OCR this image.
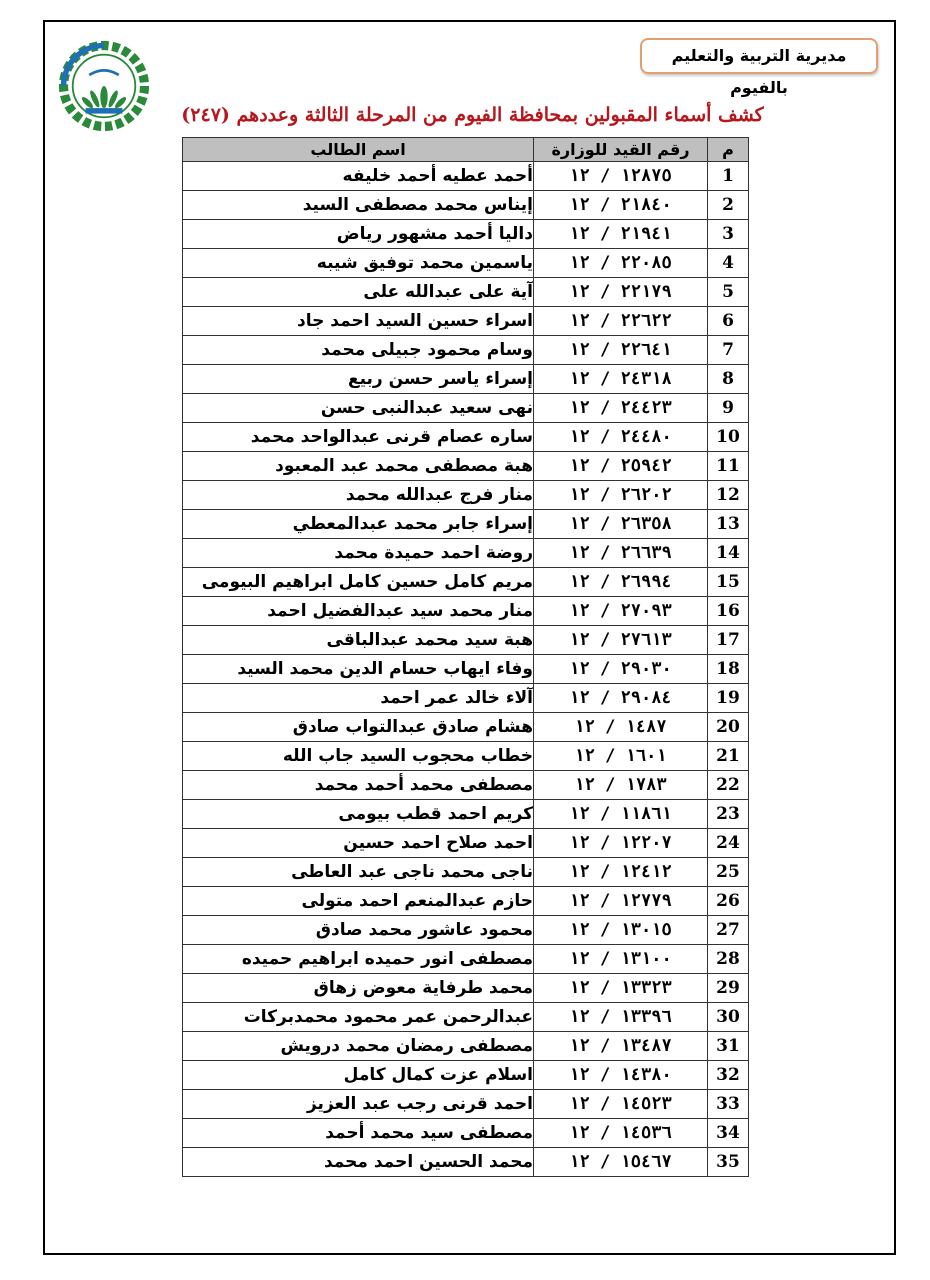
مديرية التربية والتعليم بالفيوم
كشف أسماء المقبولين بمحافظة الفيوم من المرحلة الثالثة وعددهم (٢٤٧)
م	رقم القيد للوزارة	اسم الطالب
1	١٢٨٧٥ / ١٢	أحمد عطيه أحمد خليفه
2	٢١٨٤٠ / ١٢	إيناس محمد مصطفى السيد
3	٢١٩٤١ / ١٢	داليا أحمد مشهور رياض
4	٢٢٠٨٥ / ١٢	ياسمين محمد توفيق شيبه
5	٢٢١٧٩ / ١٢	آية على عبدالله على
6	٢٢٦٢٢ / ١٢	اسراء حسين السيد احمد جاد
7	٢٢٦٤١ / ١٢	وسام محمود جبيلى محمد
8	٢٤٣١٨ / ١٢	إسراء ياسر حسن ربيع
9	٢٤٤٢٣ / ١٢	نهى سعيد عبدالنبى حسن
10	٢٤٤٨٠ / ١٢	ساره عصام قرنى عبدالواحد محمد
11	٢٥٩٤٢ / ١٢	هبة مصطفى محمد عبد المعبود
12	٢٦٢٠٢ / ١٢	منار فرج عبدالله محمد
13	٢٦٣٥٨ / ١٢	إسراء جابر محمد عبدالمعطي
14	٢٦٦٣٩ / ١٢	روضة احمد حميدة محمد
15	٢٦٩٩٤ / ١٢	مريم كامل حسين كامل ابراهيم البيومى
16	٢٧٠٩٣ / ١٢	منار محمد سيد عبدالفضيل احمد
17	٢٧٦١٣ / ١٢	هبة سيد محمد عبدالباقى
18	٢٩٠٣٠ / ١٢	وفاء ايهاب حسام الدين محمد السيد
19	٢٩٠٨٤ / ١٢	آلاء خالد عمر احمد
20	١٤٨٧ / ١٢	هشام صادق عبدالتواب صادق
21	١٦٠١ / ١٢	خطاب محجوب السيد جاب الله
22	١٧٨٣ / ١٢	مصطفى محمد أحمد محمد
23	١١٨٦١ / ١٢	كريم احمد قطب بيومى
24	١٢٢٠٧ / ١٢	احمد صلاح احمد حسين
25	١٢٤١٢ / ١٢	ناجى محمد ناجى عبد العاطى
26	١٢٧٧٩ / ١٢	حازم عبدالمنعم احمد متولى
27	١٣٠١٥ / ١٢	محمود عاشور محمد صادق
28	١٣١٠٠ / ١٢	مصطفى انور حميده ابراهيم حميده
29	١٣٣٢٣ / ١٢	محمد طرفاية معوض زهاق
30	١٣٣٩٦ / ١٢	عبدالرحمن عمر محمود محمدبركات
31	١٣٤٨٧ / ١٢	مصطفى رمضان محمد درويش
32	١٤٣٨٠ / ١٢	اسلام عزت كمال كامل
33	١٤٥٢٣ / ١٢	احمد قرنى رجب عبد العزيز
34	١٤٥٣٦ / ١٢	مصطفى سيد محمد أحمد
35	١٥٤٦٧ / ١٢	محمد الحسين احمد محمد
